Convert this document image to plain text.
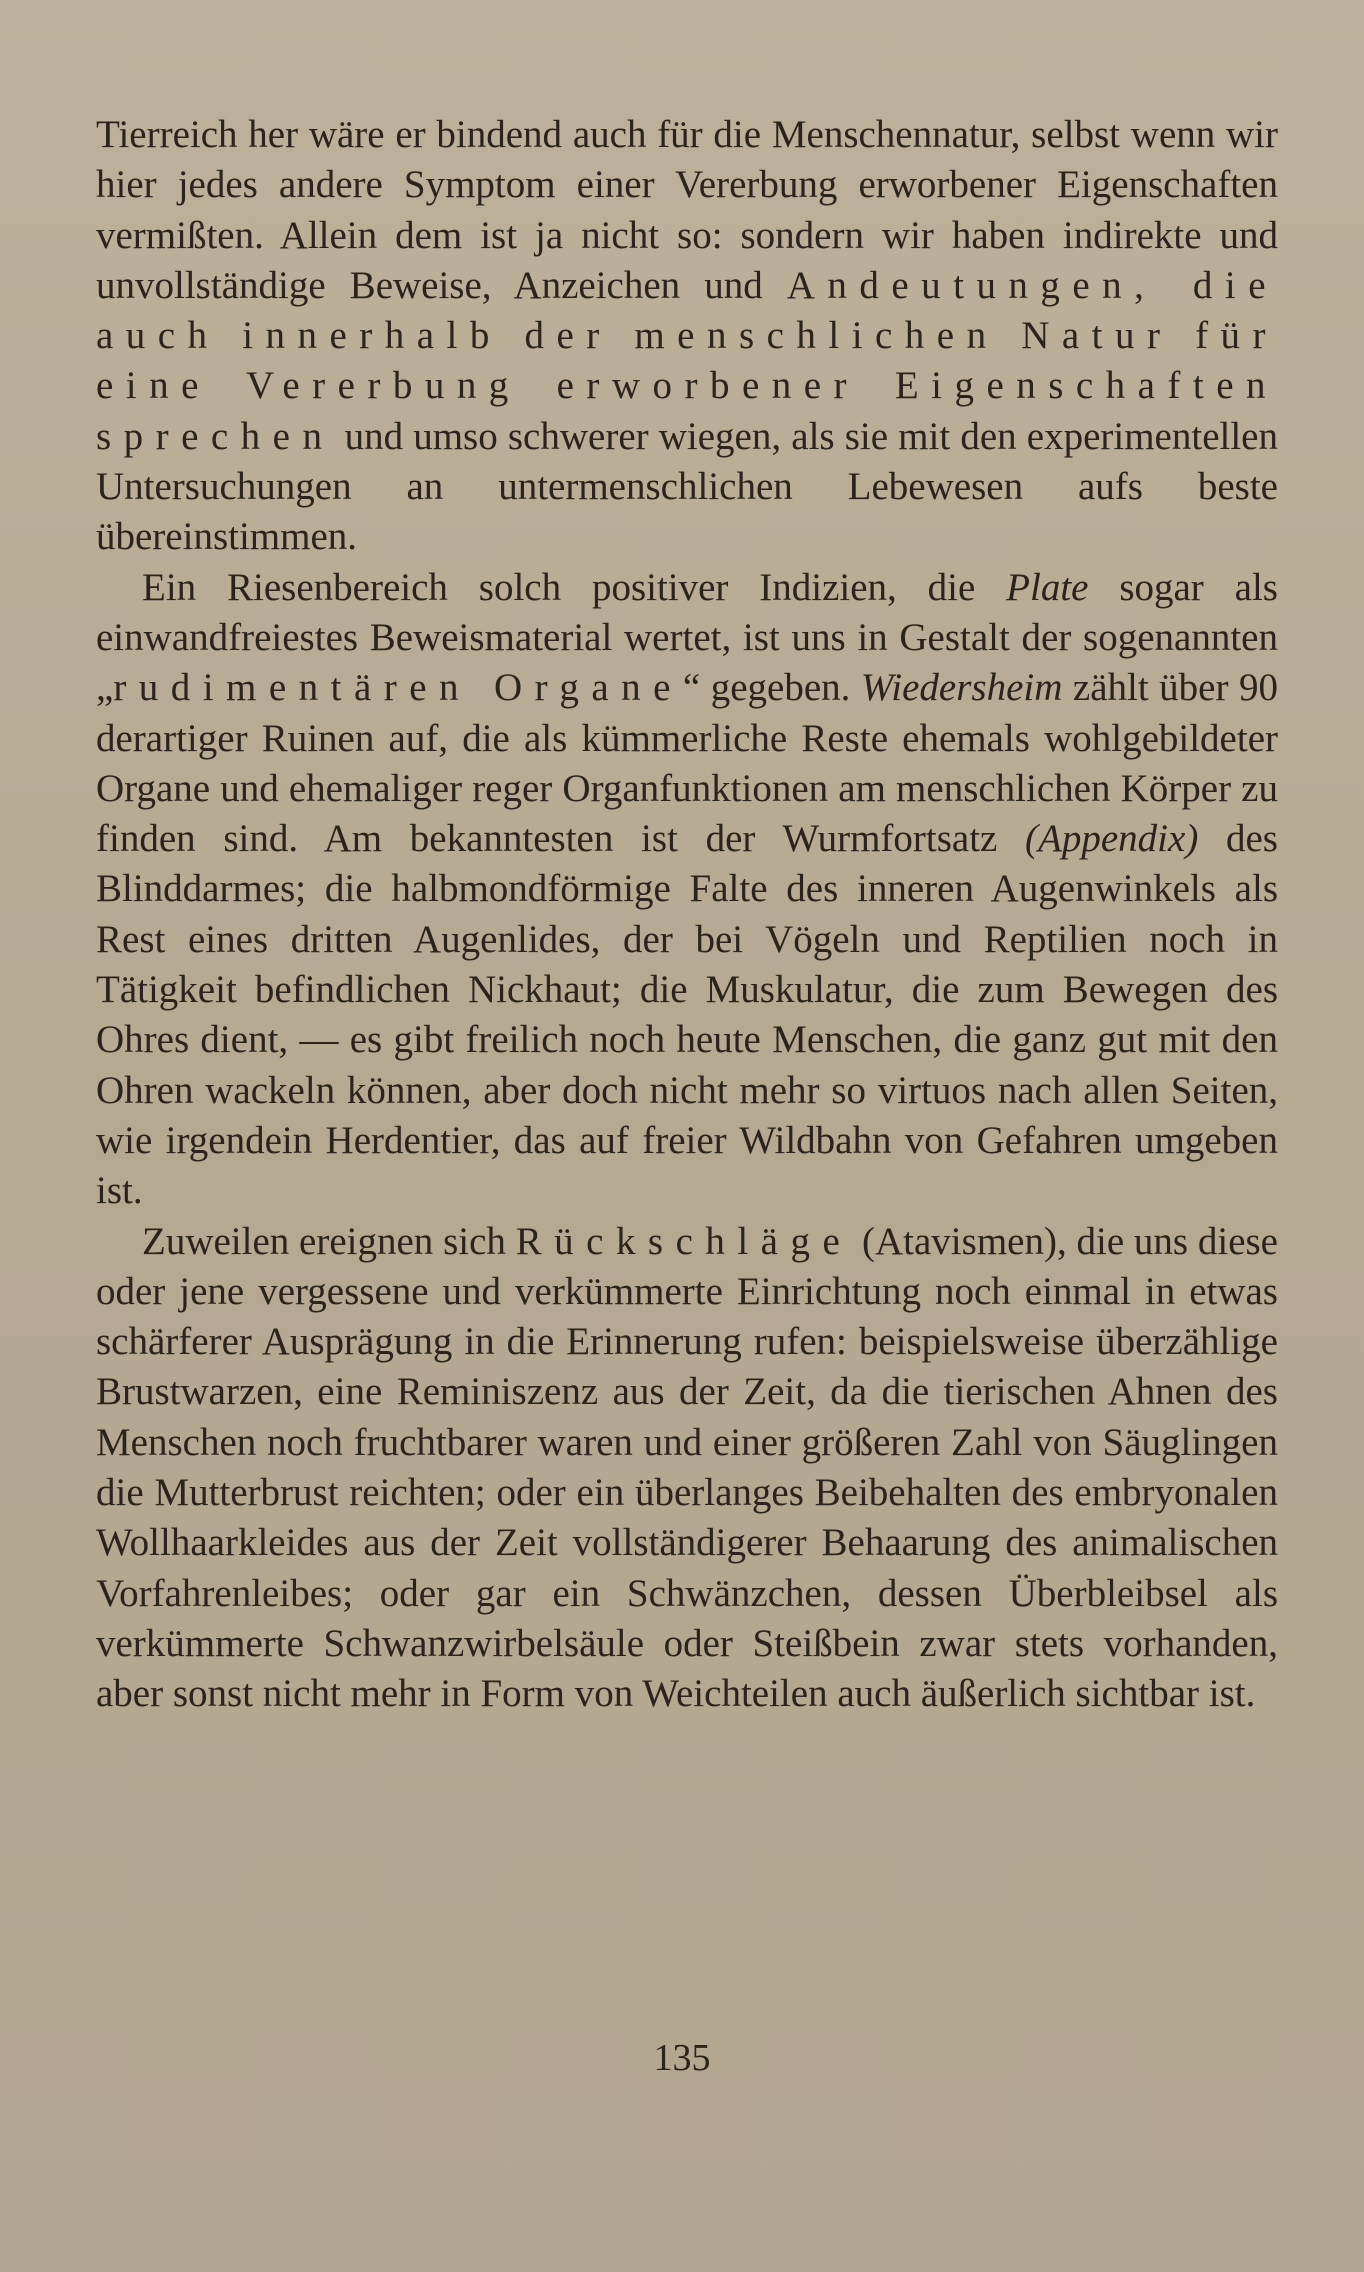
Tierreich her wäre er bindend auch für die Menschennatur, selbst wenn wir hier jedes andere Symptom einer Vererbung erworbener Eigenschaften vermißten. Allein dem ist ja nicht so: sondern wir haben indirekte und unvollständige Beweise, Anzeichen und Andeutungen, die auch innerhalb der menschlichen Natur für eine Vererbung erworbener Eigenschaften sprechen und umso schwerer wiegen, als sie mit den experimentellen Untersuchungen an untermenschlichen Lebewesen aufs beste übereinstimmen.

Ein Riesenbereich solch positiver Indizien, die Plate sogar als einwandfreiestes Beweismaterial wertet, ist uns in Gestalt der sogenannten „rudimentären Organe“ gegeben. Wiedersheim zählt über 90 derartiger Ruinen auf, die als kümmerliche Reste ehemals wohlgebildeter Organe und ehemaliger reger Organfunktionen am menschlichen Körper zu finden sind. Am bekanntesten ist der Wurmfortsatz (Appendix) des Blinddarmes; die halbmondförmige Falte des inneren Augenwinkels als Rest eines dritten Augenlides, der bei Vögeln und Reptilien noch in Tätigkeit befindlichen Nickhaut; die Muskulatur, die zum Bewegen des Ohres dient, — es gibt freilich noch heute Menschen, die ganz gut mit den Ohren wackeln können, aber doch nicht mehr so virtuos nach allen Seiten, wie irgendein Herdentier, das auf freier Wildbahn von Gefahren umgeben ist.

Zuweilen ereignen sich Rückschläge (Atavismen), die uns diese oder jene vergessene und verkümmerte Einrichtung noch einmal in etwas schärferer Ausprägung in die Erinnerung rufen: beispielsweise überzählige Brustwarzen, eine Reminiszenz aus der Zeit, da die tierischen Ahnen des Menschen noch fruchtbarer waren und einer größeren Zahl von Säuglingen die Mutterbrust reichten; oder ein überlanges Beibehalten des embryonalen Wollhaarkleides aus der Zeit vollständigerer Behaarung des animalischen Vorfahrenleibes; oder gar ein Schwänzchen, dessen Überbleibsel als verkümmerte Schwanzwirbelsäule oder Steißbein zwar stets vorhanden, aber sonst nicht mehr in Form von Weichteilen auch äußerlich sichtbar ist.

135
